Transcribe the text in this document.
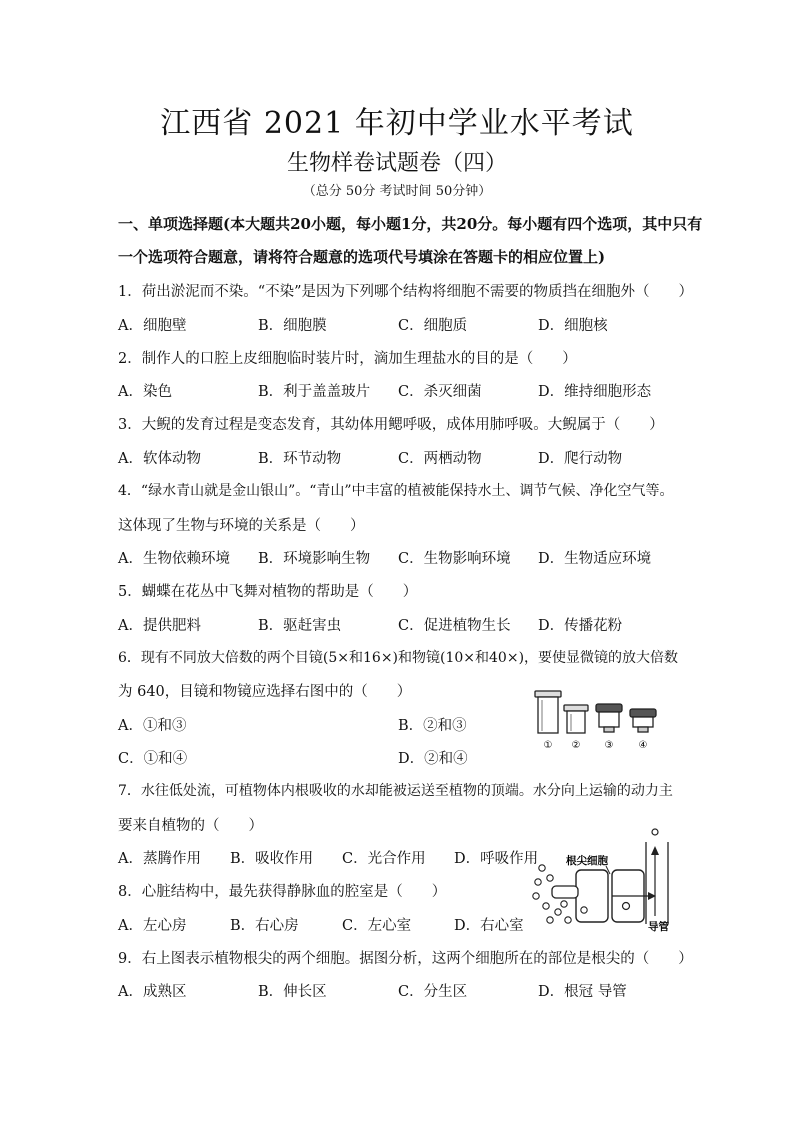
江西省 2021 年初中学业水平考试
生物样卷试题卷（四）
（总分 50分 考试时间 50分钟）
一、单项选择题(本大题共20小题，每小题1分，共20分。每小题有四个选项，其中只有
一个选项符合题意，请将符合题意的选项代号填涂在答题卡的相应位置上)
1．荷出淤泥而不染。“不染”是因为下列哪个结构将细胞不需要的物质挡在细胞外（　　）
A．细胞壁	B．细胞膜	C．细胞质	D．细胞核
2．制作人的口腔上皮细胞临时装片时，滴加生理盐水的目的是（　　）
A．染色	B．利于盖盖玻片 C．杀灭细菌	D．维持细胞形态
3．大鲵的发育过程是变态发育，其幼体用鳃呼吸，成体用肺呼吸。大鲵属于（　　）
A．软体动物	B．环节动物	C．两栖动物	D．爬行动物
4．“绿水青山就是金山银山”。“青山”中丰富的植被能保持水土、调节气候、净化空气等。
这体现了生物与环境的关系是（　　）
A．生物依赖环境 B．环境影响生物 C．生物影响环境 D．生物适应环境
5．蝴蝶在花丛中飞舞对植物的帮助是（　　）
A．提供肥料	B．驱赶害虫	C．促进植物生长 D．传播花粉
6．现有不同放大倍数的两个目镜(5×和16×)和物镜(10×和40×)，要使显微镜的放大倍数
为 640，目镜和物镜应选择右图中的（　　）
A．①和③	B．②和③
C．①和④	D．②和④
① ② ③	④
7．水往低处流，可植物体内根吸收的水却能被运送至植物的顶端。水分向上运输的动力主
要来自植物的（　　）
A．蒸腾作用 B．吸收作用 C．光合作用 D．呼吸作用
8．心脏结构中，最先获得静脉血的腔室是（　　）
A．左心房	B．右心房	C．左心室	D．右心室
根尖细胞
导管
9．右上图表示植物根尖的两个细胞。据图分析，这两个细胞所在的部位是根尖的（　　）
A．成熟区	B．伸长区	C．分生区	D．根冠 导管
